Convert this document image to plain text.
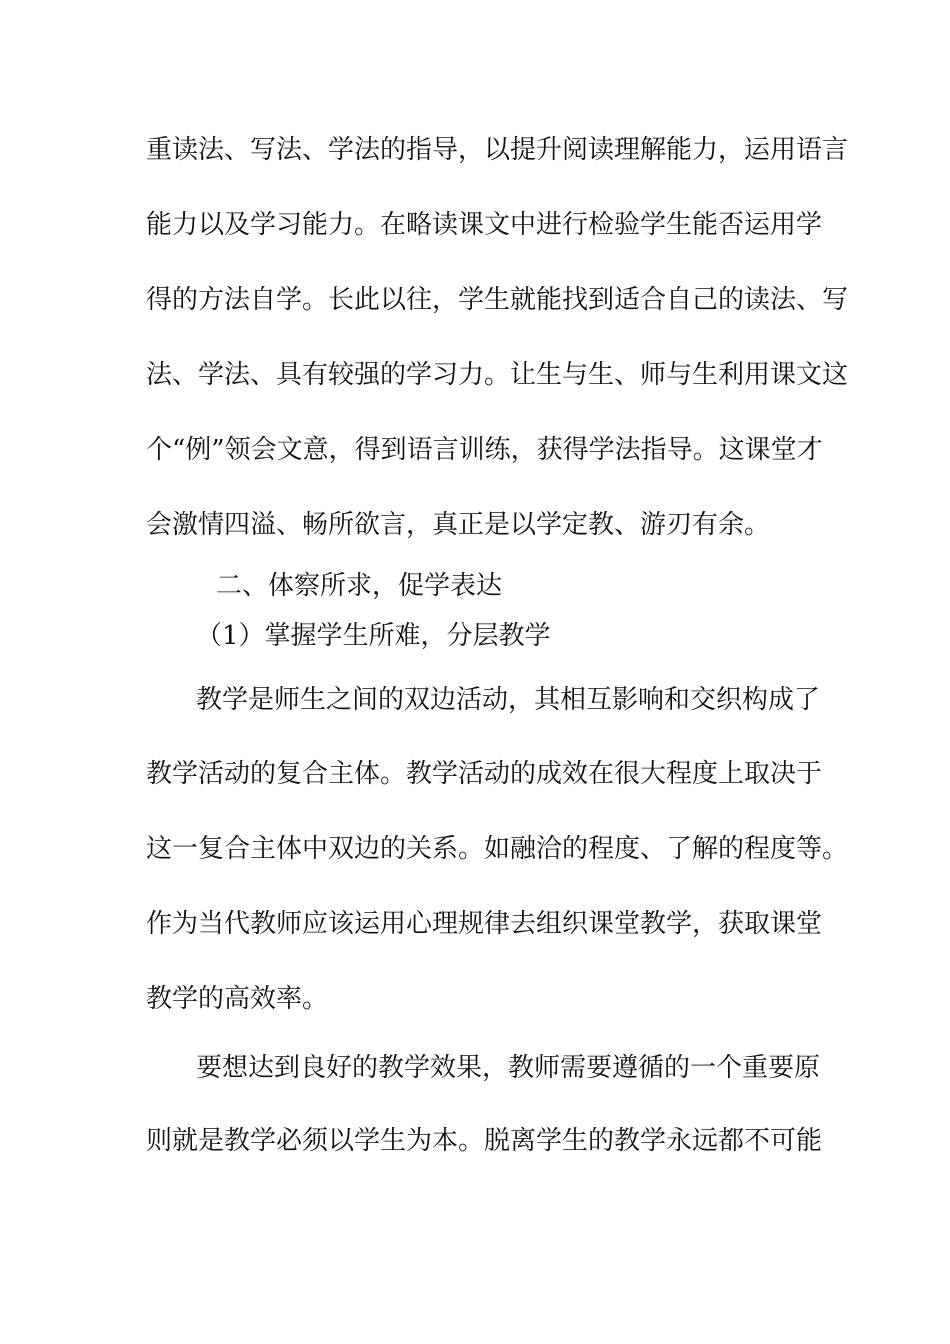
重读法、写法、学法的指导，以提升阅读理解能力，运用语言
能力以及学习能力。在略读课文中进行检验学生能否运用学
得的方法自学。长此以往，学生就能找到适合自己的读法、写
法、学法、具有较强的学习力。让生与生、师与生利用课文这
个“例”领会文意，得到语言训练，获得学法指导。这课堂才
会激情四溢、畅所欲言，真正是以学定教、游刃有余。
二、体察所求，促学表达
（1）掌握学生所难，分层教学
教学是师生之间的双边活动，其相互影响和交织构成了
教学活动的复合主体。教学活动的成效在很大程度上取决于
这一复合主体中双边的关系。如融洽的程度、了解的程度等。
作为当代教师应该运用心理规律去组织课堂教学，获取课堂
教学的高效率。
要想达到良好的教学效果，教师需要遵循的一个重要原
则就是教学必须以学生为本。脱离学生的教学永远都不可能
